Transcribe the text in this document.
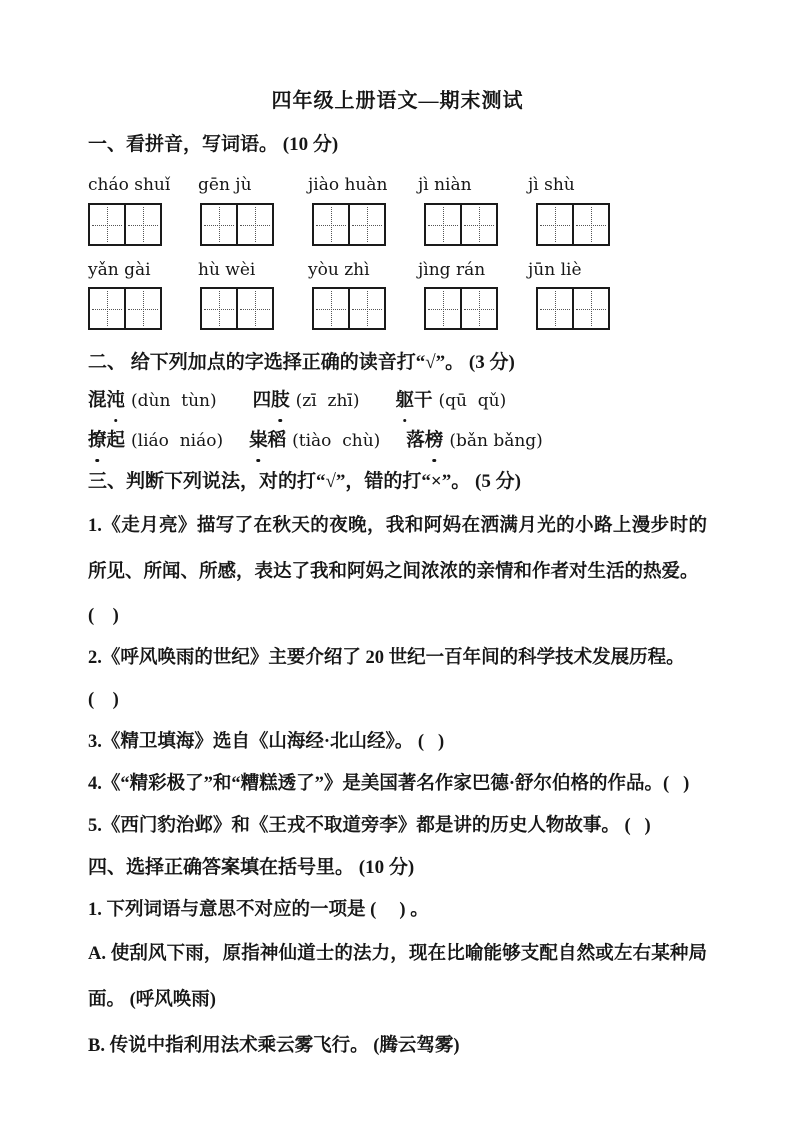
四年级上册语文—期末测试

一、看拼音，写词语。 (10 分)

cháo shuǐ	gēn jù	jiào huàn	jì niàn	jì shù
yǎn gài	hù wèi	yòu zhì	jìng rán	jūn liè

二、 给下列加点的字选择正确的读音打“√”。 (3 分)

混沌 (dùn  tùn) 四肢 (zī  zhī) 躯干 (qū  qǔ)
撩起 (liáo  niáo) 粜稻 (tiào  chù) 落榜 (bǎn bǎng)

三、判断下列说法，对的打“√”，错的打“×”。 (5 分)

1.《走月亮》描写了在秋天的夜晚，我和阿妈在洒满月光的小路上漫步时的所见、所闻、所感，表达了我和阿妈之间浓浓的亲情和作者对生活的热爱。

(    )

2.《呼风唤雨的世纪》主要介绍了 20 世纪一百年间的科学技术发展历程。

(    )

3.《精卫填海》选自《山海经·北山经》。 (   )

4.《“精彩极了”和“糟糕透了”》是美国著名作家巴德·舒尔伯格的作品。(   )

5.《西门豹治邺》和《王戎不取道旁李》都是讲的历史人物故事。 (   )

四、选择正确答案填在括号里。 (10 分)

1. 下列词语与意思不对应的一项是 (     ) 。

A. 使刮风下雨，原指神仙道士的法力，现在比喻能够支配自然或左右某种局面。 (呼风唤雨)

B. 传说中指利用法术乘云雾飞行。 (腾云驾雾)
